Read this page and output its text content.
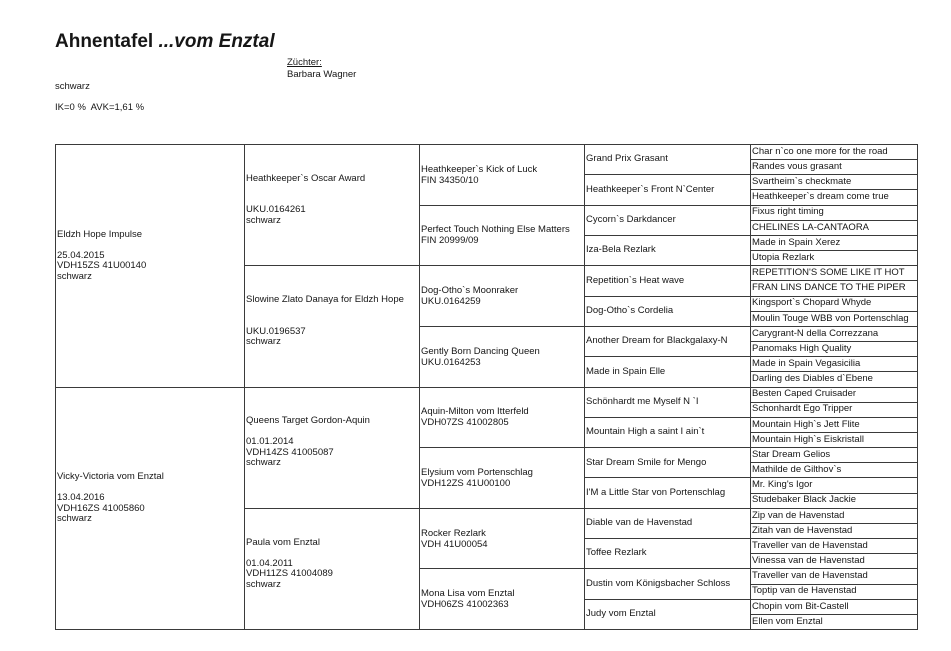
Ahnentafel ...vom Enztal
Züchter:
Barbara Wagner
schwarz
IK=0 %  AVK=1,61 %
Eldzh Hope Impulse
25.04.2015
VDH15ZS 41U00140
schwarz
Vicky-Victoria vom Enztal
13.04.2016
VDH16ZS 41005860
schwarz
Heathkeeper`s Oscar Award
UKU.0164261
schwarz
Slowine Zlato Danaya for Eldzh Hope
UKU.0196537
schwarz
Queens Target Gordon-Aquin
01.01.2014
VDH14ZS 41005087
schwarz
Paula vom Enztal
01.04.2011
VDH11ZS 41004089
schwarz
Heathkeeper`s Kick of Luck
FIN 34350/10
Perfect Touch Nothing Else Matters
FIN 20999/09
Dog-Otho`s Moonraker
UKU.0164259
Gently Born Dancing Queen
UKU.0164253
Aquin-Milton vom Itterfeld
VDH07ZS 41002805
Elysium vom Portenschlag
VDH12ZS 41U00100
Rocker Rezlark
VDH 41U00054
Mona Lisa vom Enztal
VDH06ZS 41002363
Grand Prix Grasant
Heathkeeper`s Front N`Center
Cycorn`s Darkdancer
Iza-Bela Rezlark
Repetition`s Heat wave
Dog-Otho`s Cordelia
Another Dream for Blackgalaxy-N
Made in Spain Elle
Schönhardt me Myself N `I
Mountain High a saint I ain`t
Star Dream Smile for Mengo
I'M a Little Star von Portenschlag
Diable van de Havenstad
Toffee Rezlark
Dustin vom Königsbacher Schloss
Judy vom Enztal
Char n`co one more for the road
Randes vous grasant
Svartheim`s checkmate
Heathkeeper`s dream come true
Fixus right timing
CHELINES LA-CANTAORA
Made in Spain Xerez
Utopia Rezlark
REPETITION'S SOME LIKE IT HOT
FRAN LINS DANCE TO THE PIPER
Kingsport`s Chopard Whyde
Moulin Touge WBB von Portenschlag
Carygrant-N della Correzzana
Panomaks High Quality
Made in Spain Vegasicilia
Darling des Diables d`Ebene
Besten Caped Cruisader
Schonhardt Ego Tripper
Mountain High`s Jett Flite
Mountain High`s Eiskristall
Star Dream Gelios
Mathilde de Gilthov`s
Mr. King's Igor
Studebaker Black Jackie
Zip van de Havenstad
Zitah van de Havenstad
Traveller van de Havenstad
Vinessa van de Havenstad
Traveller van de Havenstad
Toptip van de Havenstad
Chopin vom Bit-Castell
Ellen vom Enztal
